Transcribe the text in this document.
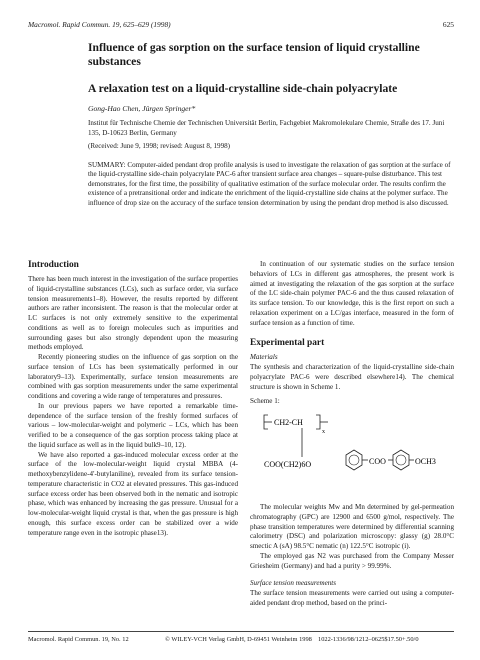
Macromol. Rapid Commun. 19, 625–629 (1998)	625
Influence of gas sorption on the surface tension of liquid crystalline substances
A relaxation test on a liquid-crystalline side-chain polyacrylate
Gong-Hao Chen, Jürgen Springer*
Institut für Technische Chemie der Technischen Universität Berlin, Fachgebiet Makromolekulare Chemie, Straße des 17. Juni 135, D-10623 Berlin, Germany
(Received: June 9, 1998; revised: August 8, 1998)
SUMMARY: Computer-aided pendant drop profile analysis is used to investigate the relaxation of gas sorption at the surface of the liquid-crystalline side-chain polyacrylate PAC-6 after transient surface area changes – square-pulse disturbance. This test demonstrates, for the first time, the possibility of qualitative estimation of the surface molecular order. The results confirm the existence of a pretransitional order and indicate the enrichment of the liquid-crystalline side chains at the polymer surface. The influence of drop size on the accuracy of the surface tension determination by using the pendant drop method is also discussed.
Introduction

There has been much interest in the investigation of the surface properties of liquid-crystalline substances (LCs), such as surface order, via surface tension measurements1–8). However, the results reported by different authors are rather inconsistent. The reason is that the molecular order at LC surfaces is not only extremely sensitive to the experimental conditions as well as to foreign molecules such as impurities and surrounding gases but also strongly dependent upon the measuring methods employed.

Recently pioneering studies on the influence of gas sorption on the surface tension of LCs has been systematically performed in our laboratory9–13). Experimentally, surface tension measurements are combined with gas sorption measurements under the same experimental conditions and covering a wide range of temperatures and pressures.

In our previous papers we have reported a remarkable time-dependence of the surface tension of the freshly formed surfaces of various – low-molecular-weight and polymeric – LCs, which has been verified to be a consequence of the gas sorption process taking place at the liquid surface as well as in the liquid bulk9–10, 12).

We have also reported a gas-induced molecular excess order at the surface of the low-molecular-weight liquid crystal MBBA (4-methoxybenzylidene-4′-butylaniline), revealed from its surface tension-temperature characteristic in CO2 at elevated pressures. This gas-induced surface excess order has been observed both in the nematic and isotropic phase, which was enhanced by increasing the gas pressure. Unusual for a low-molecular-weight liquid crystal is that, when the gas pressure is high enough, this surface excess order can be stabilized over a wide temperature range even in the isotropic phase13).

In continuation of our systematic studies on the surface tension behaviors of LCs in different gas atmospheres, the present work is aimed at investigating the relaxation of the gas sorption at the surface of the LC side-chain polymer PAC-6 and the thus caused relaxation of its surface tension. To our knowledge, this is the first report on such a relaxation experiment on a LC/gas interface, measured in the form of surface tension as a function of time.

Experimental part

Materials

The synthesis and characterization of the liquid-crystalline side-chain polyacrylate PAC-6 were described elsewhere14). The chemical structure is shown in Scheme 1.

Scheme 1:

CH2-CH
x
COO(CH2)6O	COO	OCH3

The molecular weights Mw and Mn determined by gel-permeation chromatography (GPC) are 12900 and 6500 g/mol, respectively. The phase transition temperatures were determined by differential scanning calorimetry (DSC) and polarization microscopy: glassy (g) 28.0°C smectic A (sA) 98.5°C nematic (n) 122.5°C isotropic (i).

The employed gas N2 was purchased from the Company Messer Griesheim (Germany) and had a purity > 99.99%.

Surface tension measurements

The surface tension measurements were carried out using a computer-aided pendant drop method, based on the princi-

Macromol. Rapid Commun. 19, No. 12	© WILEY-VCH Verlag GmbH, D-69451 Weinheim 1998 1022-1336/98/1212–0625$17.50+.50/0
